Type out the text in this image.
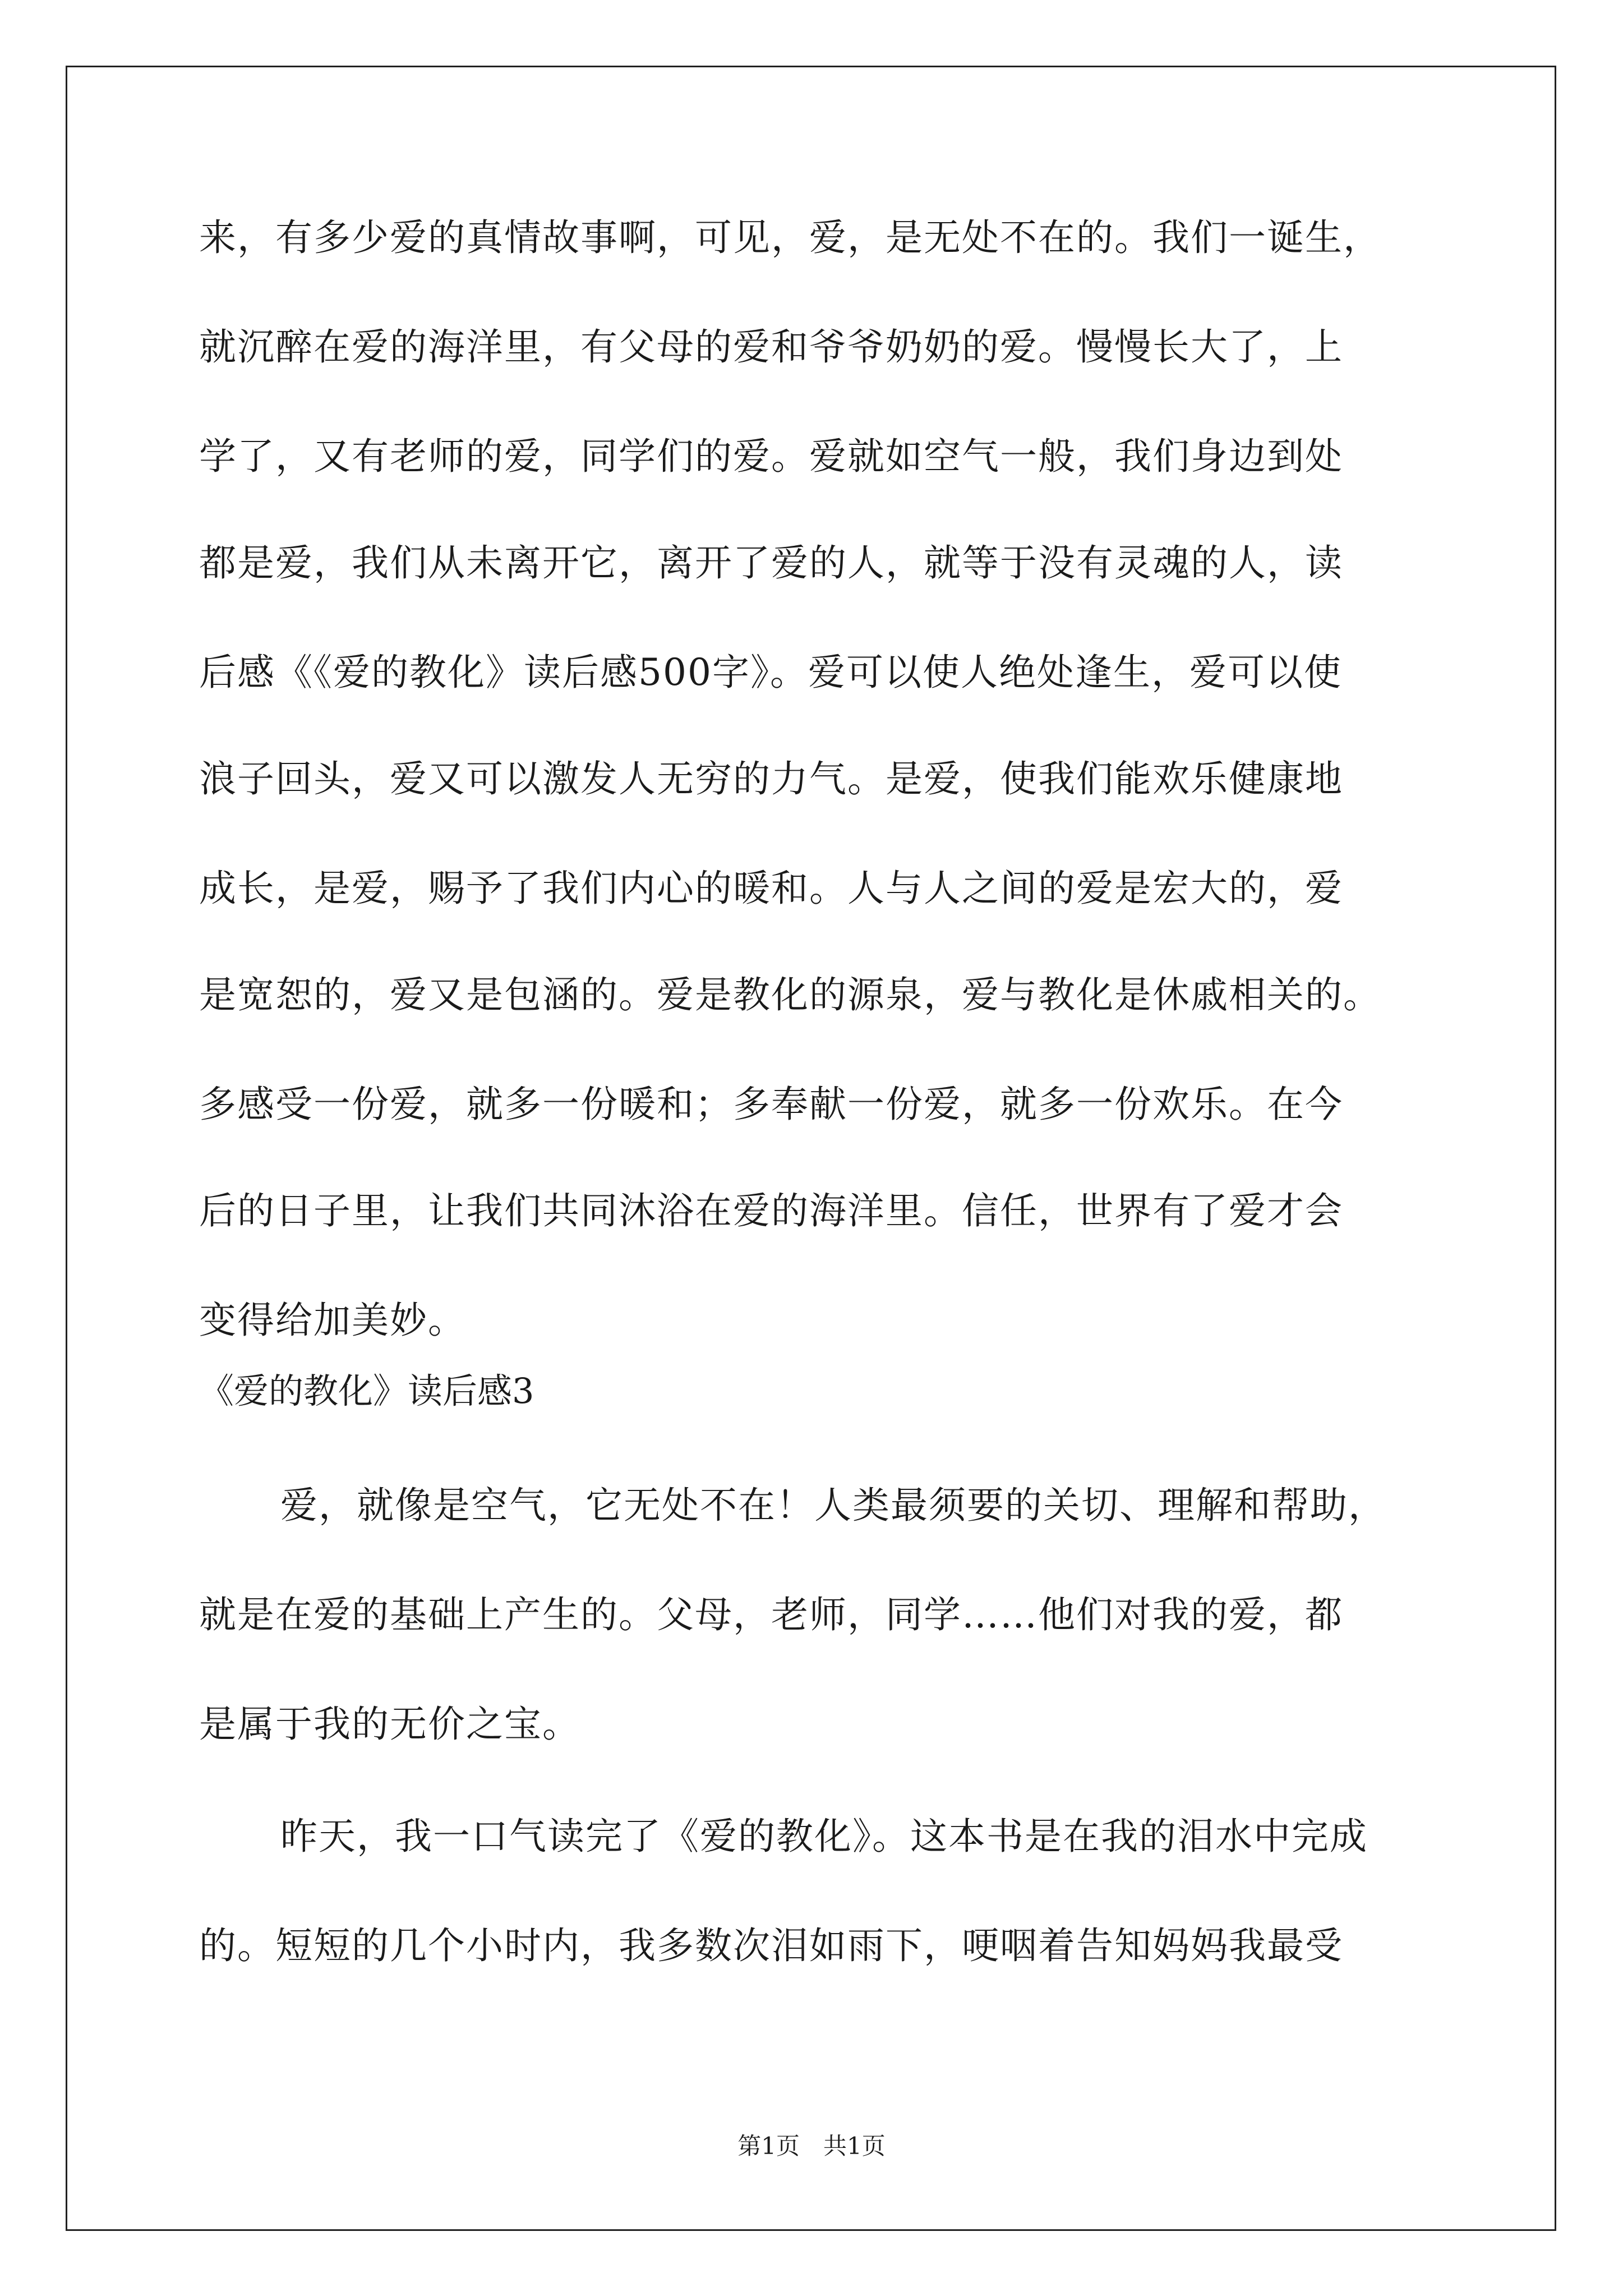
来，有多少爱的真情故事啊，可见，爱，是无处不在的。我们一诞生，
就沉醉在爱的海洋里，有父母的爱和爷爷奶奶的爱。慢慢长大了，上
学了，又有老师的爱，同学们的爱。爱就如空气一般，我们身边到处
都是爱，我们从未离开它，离开了爱的人，就等于没有灵魂的人，读
后感《《爱的教化》读后感500字》。爱可以使人绝处逢生，爱可以使
浪子回头，爱又可以激发人无穷的力气。是爱，使我们能欢乐健康地
成长，是爱，赐予了我们内心的暖和。人与人之间的爱是宏大的，爱
是宽恕的，爱又是包涵的。爱是教化的源泉，爱与教化是休戚相关的。
多感受一份爱，就多一份暖和；多奉献一份爱，就多一份欢乐。在今
后的日子里，让我们共同沐浴在爱的海洋里。信任，世界有了爱才会
变得给加美妙。
《爱的教化》读后感3
爱，就像是空气，它无处不在！人类最须要的关切、理解和帮助，
就是在爱的基础上产生的。父母，老师，同学……他们对我的爱，都
是属于我的无价之宝。
昨天，我一口气读完了《爱的教化》。这本书是在我的泪水中完成
的。短短的几个小时内，我多数次泪如雨下，哽咽着告知妈妈我最受
第1页　共1页
